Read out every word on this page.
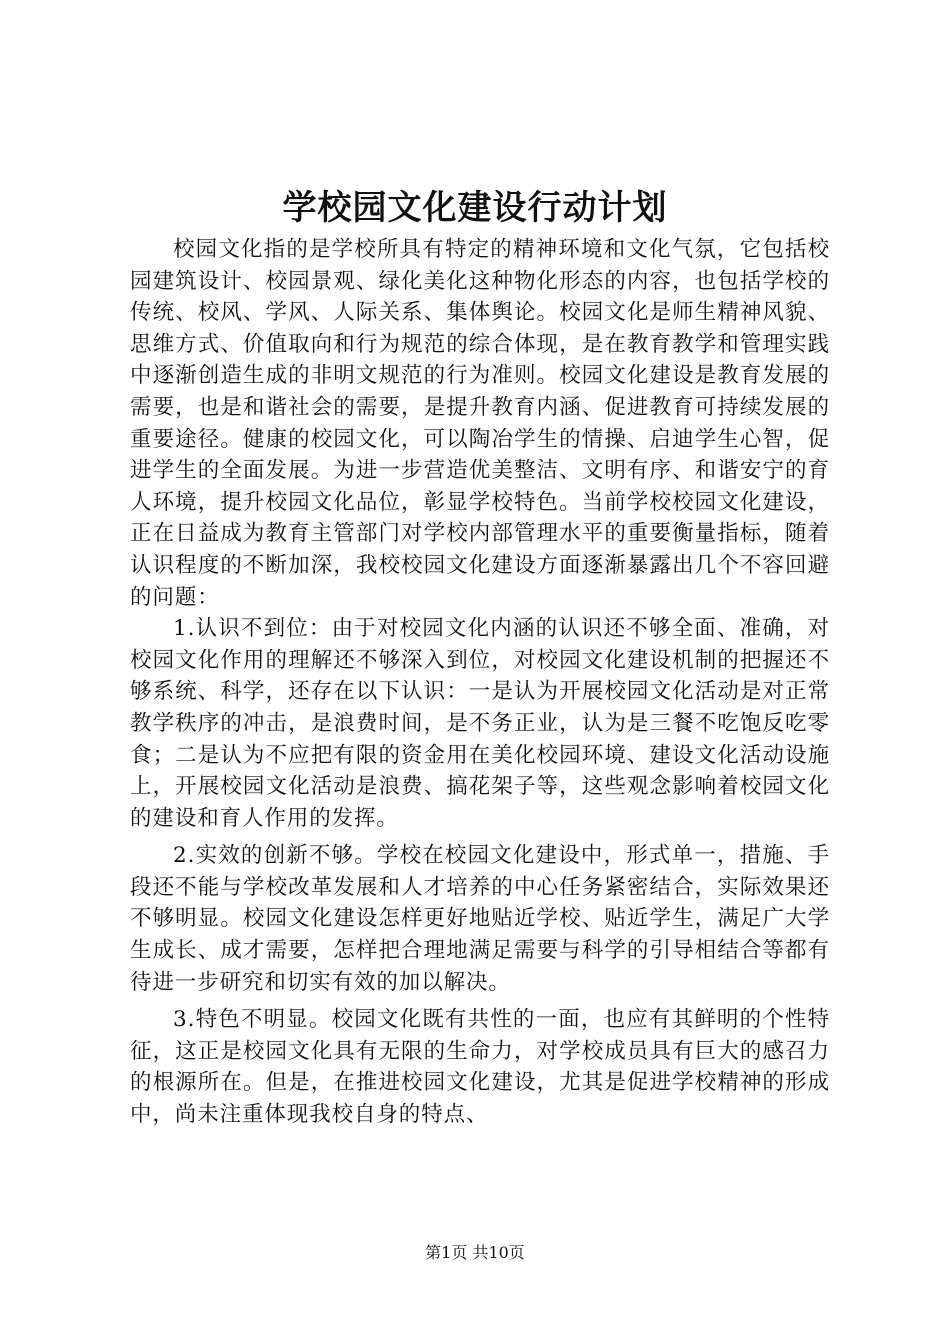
学校园文化建设行动计划

校园文化指的是学校所具有特定的精神环境和文化气氛，它包括校园建筑设计、校园景观、绿化美化这种物化形态的内容，也包括学校的传统、校风、学风、人际关系、集体舆论。校园文化是师生精神风貌、思维方式、价值取向和行为规范的综合体现，是在教育教学和管理实践中逐渐创造生成的非明文规范的行为准则。校园文化建设是教育发展的需要，也是和谐社会的需要，是提升教育内涵、促进教育可持续发展的重要途径。健康的校园文化，可以陶冶学生的情操、启迪学生心智，促进学生的全面发展。为进一步营造优美整洁、文明有序、和谐安宁的育人环境，提升校园文化品位，彰显学校特色。当前学校校园文化建设，正在日益成为教育主管部门对学校内部管理水平的重要衡量指标，随着认识程度的不断加深，我校校园文化建设方面逐渐暴露出几个不容回避的问题：

1.认识不到位：由于对校园文化内涵的认识还不够全面、准确，对校园文化作用的理解还不够深入到位，对校园文化建设机制的把握还不够系统、科学，还存在以下认识：一是认为开展校园文化活动是对正常教学秩序的冲击，是浪费时间，是不务正业，认为是三餐不吃饱反吃零食；二是认为不应把有限的资金用在美化校园环境、建设文化活动设施上，开展校园文化活动是浪费、搞花架子等，这些观念影响着校园文化的建设和育人作用的发挥。

2.实效的创新不够。学校在校园文化建设中，形式单一，措施、手段还不能与学校改革发展和人才培养的中心任务紧密结合，实际效果还不够明显。校园文化建设怎样更好地贴近学校、贴近学生，满足广大学生成长、成才需要，怎样把合理地满足需要与科学的引导相结合等都有待进一步研究和切实有效的加以解决。

3.特色不明显。校园文化既有共性的一面，也应有其鲜明的个性特征，这正是校园文化具有无限的生命力，对学校成员具有巨大的感召力的根源所在。但是，在推进校园文化建设，尤其是促进学校精神的形成中，尚未注重体现我校自身的特点、

第1页 共10页
